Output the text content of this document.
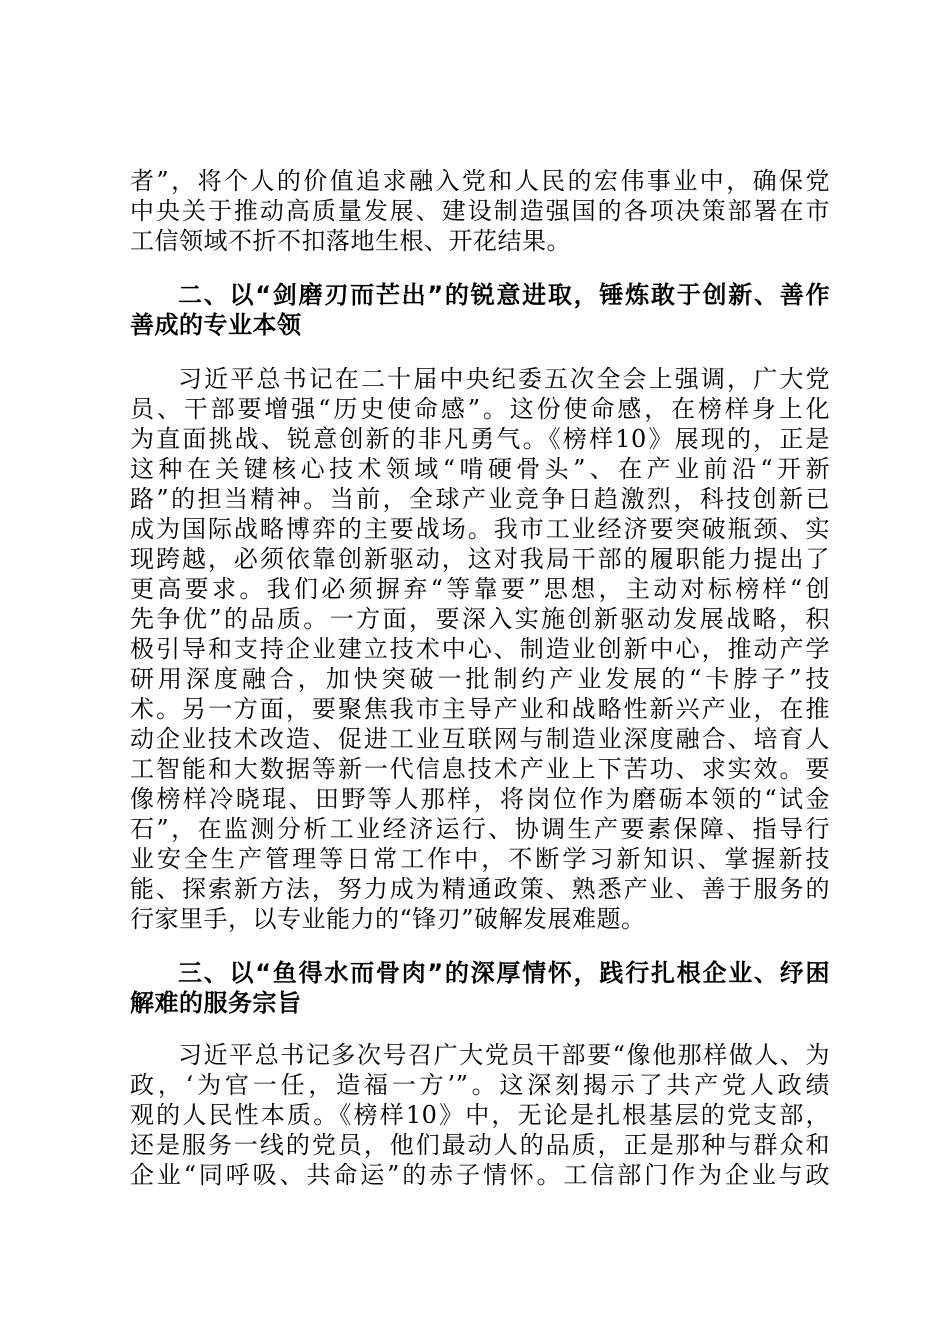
者”，将个人的价值追求融入党和人民的宏伟事业中，确保党
中央关于推动高质量发展、建设制造强国的各项决策部署在市
工信领域不折不扣落地生根、开花结果。
二、以“剑磨刃而芒出”的锐意进取，锤炼敢于创新、善作
善成的专业本领
习近平总书记在二十届中央纪委五次全会上强调，广大党
员、干部要增强“历史使命感”。这份使命感，在榜样身上化
为直面挑战、锐意创新的非凡勇气。《榜样10》展现的，正是
这种在关键核心技术领域“啃硬骨头”、在产业前沿“开新
路”的担当精神。当前，全球产业竞争日趋激烈，科技创新已
成为国际战略博弈的主要战场。我市工业经济要突破瓶颈、实
现跨越，必须依靠创新驱动，这对我局干部的履职能力提出了
更高要求。我们必须摒弃“等靠要”思想，主动对标榜样“创
先争优”的品质。一方面，要深入实施创新驱动发展战略，积
极引导和支持企业建立技术中心、制造业创新中心，推动产学
研用深度融合，加快突破一批制约产业发展的“卡脖子”技
术。另一方面，要聚焦我市主导产业和战略性新兴产业，在推
动企业技术改造、促进工业互联网与制造业深度融合、培育人
工智能和大数据等新一代信息技术产业上下苦功、求实效。要
像榜样冷晓琨、田野等人那样，将岗位作为磨砺本领的“试金
石”，在监测分析工业经济运行、协调生产要素保障、指导行
业安全生产管理等日常工作中，不断学习新知识、掌握新技
能、探索新方法，努力成为精通政策、熟悉产业、善于服务的
行家里手，以专业能力的“锋刃”破解发展难题。
三、以“鱼得水而骨肉”的深厚情怀，践行扎根企业、纾困
解难的服务宗旨
习近平总书记多次号召广大党员干部要“像他那样做人、为
政，‘为官一任，造福一方’”。这深刻揭示了共产党人政绩
观的人民性本质。《榜样10》中，无论是扎根基层的党支部，
还是服务一线的党员，他们最动人的品质，正是那种与群众和
企业“同呼吸、共命运”的赤子情怀。工信部门作为企业与政
